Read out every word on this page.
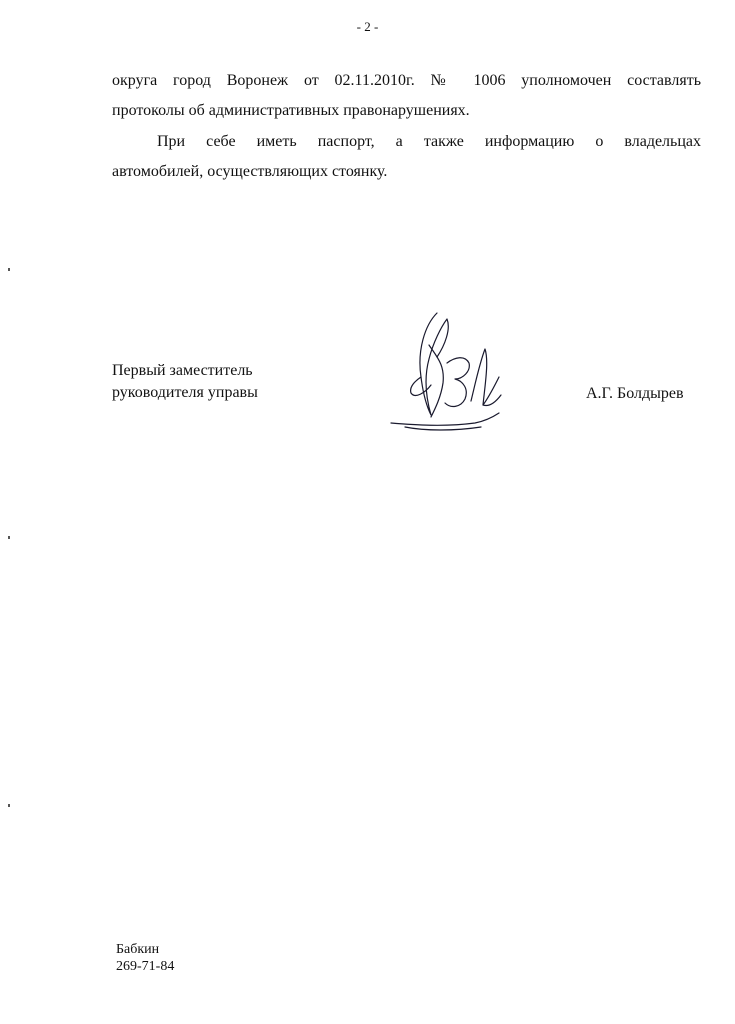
- 2 -
округа город Воронеж от 02.11.2010г. № 1006 уполномочен составлять
протоколы об административных правонарушениях.
При себе иметь паспорт, а также информацию о владельцах
автомобилей, осуществляющих стоянку.
Первый заместитель
руководителя управы	А.Г. Болдырев
Бабкин
269-71-84
